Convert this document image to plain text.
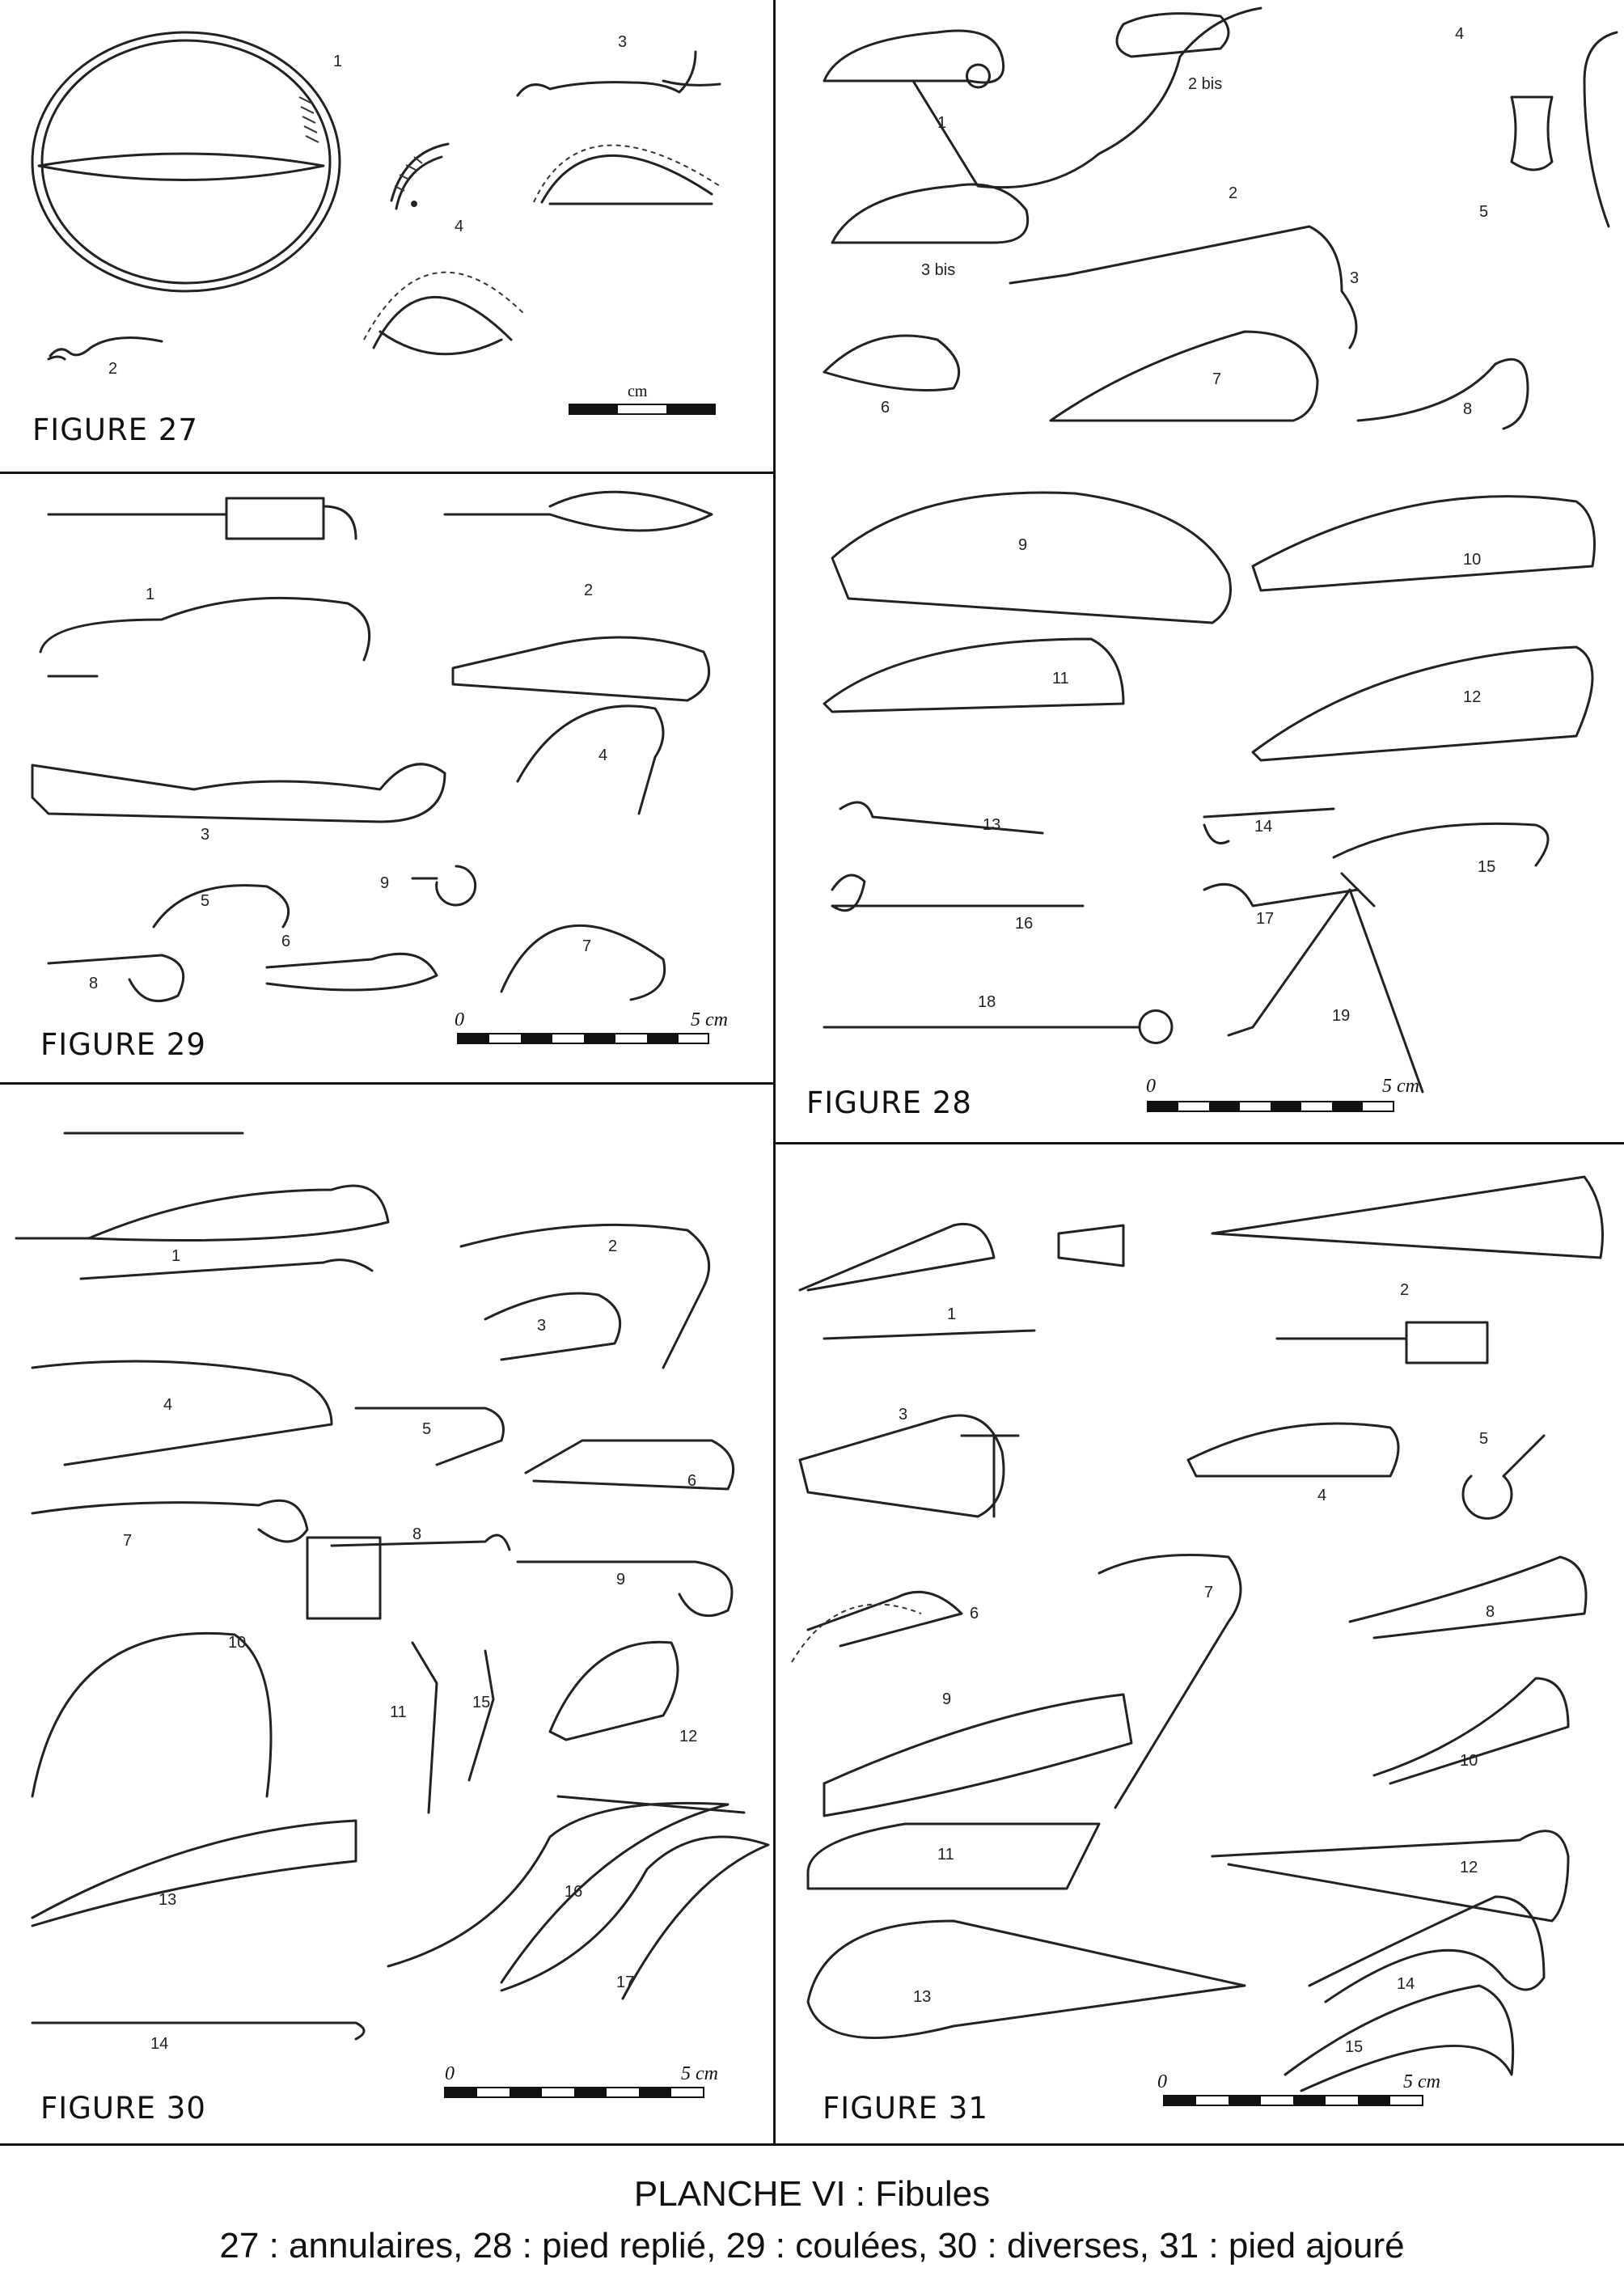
1
2
3
4
cm
FIGURE 27
1
2 bis
2
3 bis	3
4
5
6
7
8
9
10
11
12
13	14
15
16	17
18
19
0	5 cm
FIGURE 28
1	2
3
4
5
6	7
8
9
0	5 cm
FIGURE 29
1
2
3
4
5
6
7	8
9
10
11
12
13
14
15
16
17
0	5 cm
FIGURE 30
1
2
3
4
5
6
7
8
9
10
11
12
13
14
15
0	5 cm
FIGURE 31
PLANCHE VI : Fibules
27 : annulaires, 28 : pied replié, 29 : coulées, 30 : diverses, 31 : pied ajouré
